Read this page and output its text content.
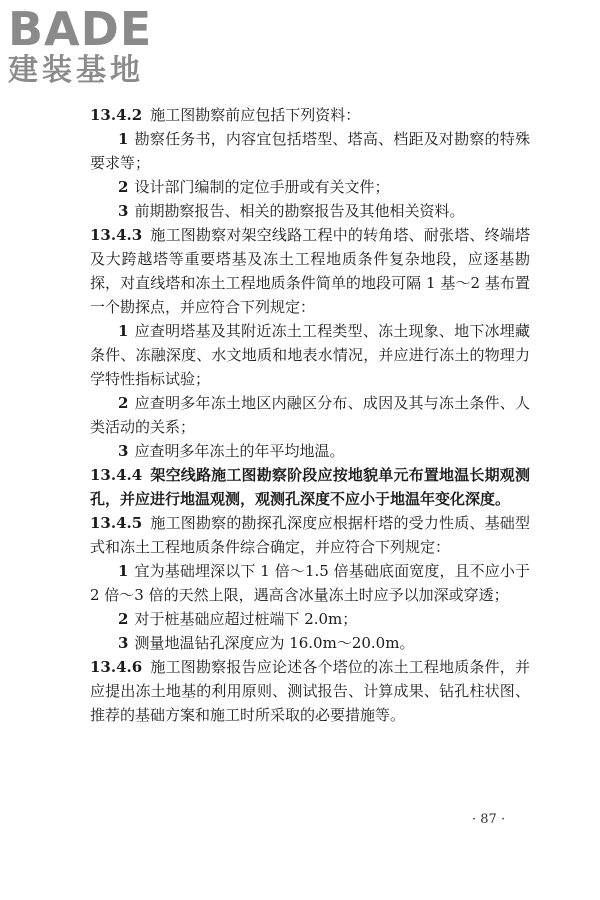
BADE
建装基地

13.4.2 施工图勘察前应包括下列资料：

1 勘察任务书，内容宜包括塔型、塔高、档距及对勘察的特殊要求等；

2 设计部门编制的定位手册或有关文件；

3 前期勘察报告、相关的勘察报告及其他相关资料。

13.4.3 施工图勘察对架空线路工程中的转角塔、耐张塔、终端塔及大跨越塔等重要塔基及冻土工程地质条件复杂地段，应逐基勘探，对直线塔和冻土工程地质条件简单的地段可隔 1 基～2 基布置一个勘探点，并应符合下列规定：

1 应查明塔基及其附近冻土工程类型、冻土现象、地下冰埋藏条件、冻融深度、水文地质和地表水情况，并应进行冻土的物理力学特性指标试验；

2 应查明多年冻土地区内融区分布、成因及其与冻土条件、人类活动的关系；

3 应查明多年冻土的年平均地温。

13.4.4 架空线路施工图勘察阶段应按地貌单元布置地温长期观测孔，并应进行地温观测，观测孔深度不应小于地温年变化深度。

13.4.5 施工图勘察的勘探孔深度应根据杆塔的受力性质、基础型式和冻土工程地质条件综合确定，并应符合下列规定：

1 宜为基础埋深以下 1 倍～1.5 倍基础底面宽度，且不应小于 2 倍～3 倍的天然上限，遇高含冰量冻土时应予以加深或穿透；

2 对于桩基础应超过桩端下 2.0m；

3 测量地温钻孔深度应为 16.0m～20.0m。

13.4.6 施工图勘察报告应论述各个塔位的冻土工程地质条件，并应提出冻土地基的利用原则、测试报告、计算成果、钻孔柱状图、推荐的基础方案和施工时所采取的必要措施等。

· 87 ·
